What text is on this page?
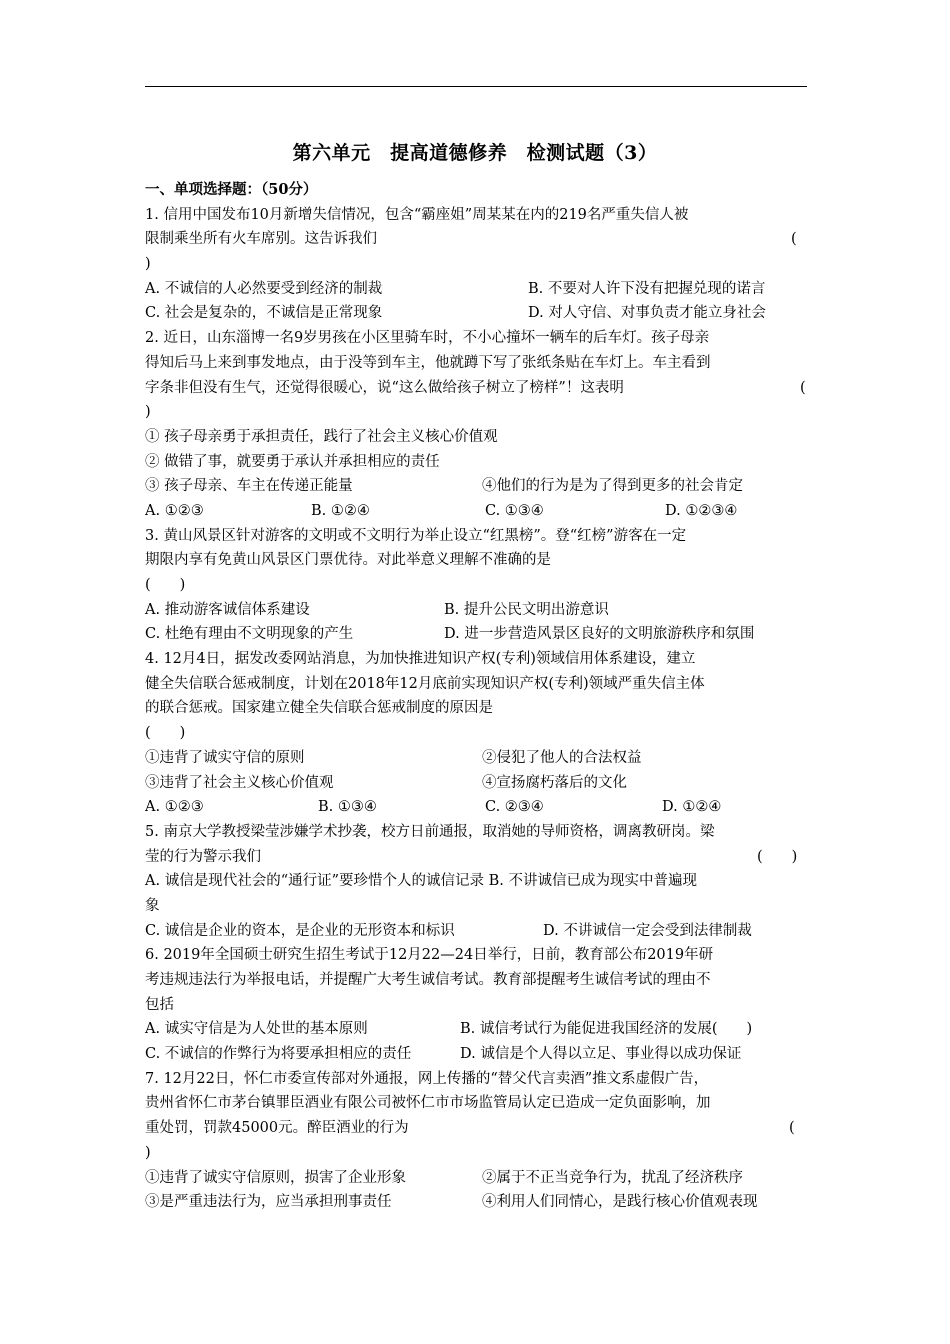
第六单元　提高道德修养　检测试题（3）
一、单项选择题：（50分）
1. 信用中国发布10月新增失信情况，包含“霸座姐”周某某在内的219名严重失信人被
限制乘坐所有火车席别。这告诉我们	(
)
A. 不诚信的人必然要受到经济的制裁	B. 不要对人许下没有把握兑现的诺言
C. 社会是复杂的，不诚信是正常现象	D. 对人守信、对事负责才能立身社会
2. 近日，山东淄博一名9岁男孩在小区里骑车时，不小心撞坏一辆车的后车灯。孩子母亲
得知后马上来到事发地点，由于没等到车主，他就蹲下写了张纸条贴在车灯上。车主看到
字条非但没有生气，还觉得很暖心，说“这么做给孩子树立了榜样”！这表明	(
)
① 孩子母亲勇于承担责任，践行了社会主义核心价值观
② 做错了事，就要勇于承认并承担相应的责任
③ 孩子母亲、车主在传递正能量	④他们的行为是为了得到更多的社会肯定
A. ①②③	B. ①②④	C. ①③④	D. ①②③④
3. 黄山风景区针对游客的文明或不文明行为举止设立“红黑榜”。登“红榜”游客在一定
期限内享有免黄山风景区门票优待。对此举意义理解不准确的是
(　　)
A. 推动游客诚信体系建设	B. 提升公民文明出游意识
C. 杜绝有理由不文明现象的产生	D. 进一步营造风景区良好的文明旅游秩序和氛围
4. 12月4日，据发改委网站消息，为加快推进知识产权(专利)领域信用体系建设，建立
健全失信联合惩戒制度，计划在2018年12月底前实现知识产权(专利)领域严重失信主体
的联合惩戒。国家建立健全失信联合惩戒制度的原因是
(　　)
①违背了诚实守信的原则	②侵犯了他人的合法权益
③违背了社会主义核心价值观	④宣扬腐朽落后的文化
A. ①②③	B. ①③④	C. ②③④	D. ①②④
5. 南京大学教授梁莹涉嫌学术抄袭，校方日前通报，取消她的导师资格，调离教研岗。梁
莹的行为警示我们	(　　)
A. 诚信是现代社会的“通行证”要珍惜个人的诚信记录 B. 不讲诚信已成为现实中普遍现
象
C. 诚信是企业的资本，是企业的无形资本和标识	D. 不讲诚信一定会受到法律制裁
6. 2019年全国硕士研究生招生考试于12月22—24日举行，日前，教育部公布2019年研
考违规违法行为举报电话，并提醒广大考生诚信考试。教育部提醒考生诚信考试的理由不
包括
A. 诚实守信是为人处世的基本原则	B. 诚信考试行为能促进我国经济的发展(　　)
C. 不诚信的作弊行为将要承担相应的责任	D. 诚信是个人得以立足、事业得以成功保证
7. 12月22日，怀仁市委宣传部对外通报，网上传播的“替父代言卖酒”推文系虚假广告，
贵州省怀仁市茅台镇罪臣酒业有限公司被怀仁市市场监管局认定已造成一定负面影响，加
重处罚，罚款45000元。醉臣酒业的行为	(
)
①违背了诚实守信原则，损害了企业形象	②属于不正当竞争行为，扰乱了经济秩序
③是严重违法行为，应当承担刑事责任	④利用人们同情心，是践行核心价值观表现
